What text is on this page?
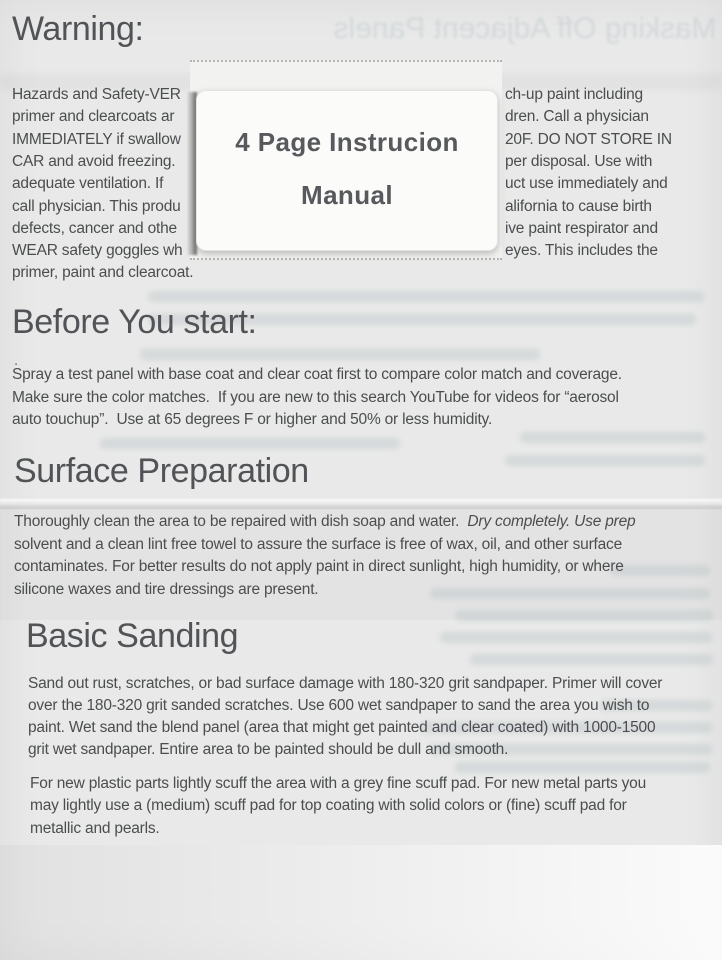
Masking Off Adjacent Panels
Warning:
Hazards and Safety-VER
primer and clearcoats ar
IMMEDIATELY if swallow
CAR and avoid freezing.
adequate ventilation. If
call physician. This produ
defects, cancer and othe
WEAR safety goggles wh
primer, paint and clearcoat.
ch-up paint including
dren. Call a physician
20F. DO NOT STORE IN
per disposal. Use with
uct use immediately and
alifornia to cause birth
ive paint respirator and
eyes. This includes the
4 Page Instrucion
Manual
Before You start:
.
Spray a test panel with base coat and clear coat first to compare color match and coverage.
Make sure the color matches.  If you are new to this search YouTube for videos for “aerosol
auto touchup”.  Use at 65 degrees F or higher and 50% or less humidity.
Surface Preparation
Thoroughly clean the area to be repaired with dish soap and water.  Dry completely. Use prep
solvent and a clean lint free towel to assure the surface is free of wax, oil, and other surface
contaminates. For better results do not apply paint in direct sunlight, high humidity, or where
silicone waxes and tire dressings are present.
Basic Sanding
Sand out rust, scratches, or bad surface damage with 180-320 grit sandpaper. Primer will cover
over the 180-320 grit sanded scratches. Use 600 wet sandpaper to sand the area you wish to
paint. Wet sand the blend panel (area that might get painted and clear coated) with 1000-1500
grit wet sandpaper. Entire area to be painted should be dull and smooth.
For new plastic parts lightly scuff the area with a grey fine scuff pad. For new metal parts you
may lightly use a (medium) scuff pad for top coating with solid colors or (fine) scuff pad for
metallic and pearls.
